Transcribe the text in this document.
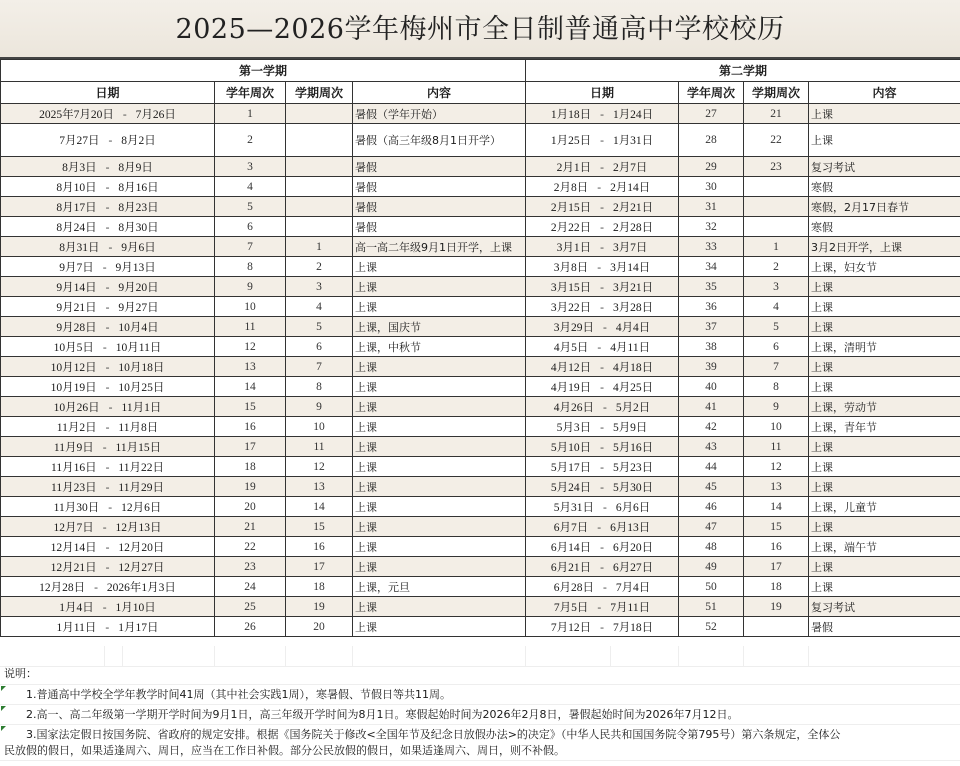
2025—2026学年梅州市全日制普通高中学校校历
第一学期				第二学期			
日期	学年周次	学期周次	内容	日期	学年周次	学期周次	内容
2025年7月20日 - 7月26日	1		暑假（学年开始）	1月18日 - 1月24日	27	21	上课
7月27日 - 8月2日	2		暑假（高三年级8月1日开学）	1月25日 - 1月31日	28	22	上课
8月3日 - 8月9日	3		暑假	2月1日 - 2月7日	29	23	复习考试
8月10日 - 8月16日	4		暑假	2月8日 - 2月14日	30		寒假
8月17日 - 8月23日	5		暑假	2月15日 - 2月21日	31		寒假，2月17日春节
8月24日 - 8月30日	6		暑假	2月22日 - 2月28日	32		寒假
8月31日 - 9月6日	7	1	高一高二年级9月1日开学，上课	3月1日 - 3月7日	33	1	3月2日开学，上课
9月7日 - 9月13日	8	2	上课	3月8日 - 3月14日	34	2	上课，妇女节
9月14日 - 9月20日	9	3	上课	3月15日 - 3月21日	35	3	上课
9月21日 - 9月27日	10	4	上课	3月22日 - 3月28日	36	4	上课
9月28日 - 10月4日	11	5	上课，国庆节	3月29日 - 4月4日	37	5	上课
10月5日 - 10月11日	12	6	上课，中秋节	4月5日 - 4月11日	38	6	上课，清明节
10月12日 - 10月18日	13	7	上课	4月12日 - 4月18日	39	7	上课
10月19日 - 10月25日	14	8	上课	4月19日 - 4月25日	40	8	上课
10月26日 - 11月1日	15	9	上课	4月26日 - 5月2日	41	9	上课，劳动节
11月2日 - 11月8日	16	10	上课	5月3日 - 5月9日	42	10	上课，青年节
11月9日 - 11月15日	17	11	上课	5月10日 - 5月16日	43	11	上课
11月16日 - 11月22日	18	12	上课	5月17日 - 5月23日	44	12	上课
11月23日 - 11月29日	19	13	上课	5月24日 - 5月30日	45	13	上课
11月30日 - 12月6日	20	14	上课	5月31日 - 6月6日	46	14	上课，儿童节
12月7日 - 12月13日	21	15	上课	6月7日 - 6月13日	47	15	上课
12月14日 - 12月20日	22	16	上课	6月14日 - 6月20日	48	16	上课，端午节
12月21日 - 12月27日	23	17	上课	6月21日 - 6月27日	49	17	上课
12月28日 - 2026年1月3日	24	18	上课，元旦	6月28日 - 7月4日	50	18	上课
1月4日 - 1月10日	25	19	上课	7月5日 - 7月11日	51	19	复习考试
1月11日 - 1月17日	26	20	上课	7月12日 - 7月18日	52		暑假
说明：
1.普通高中学校全学年教学时间41周（其中社会实践1周），寒暑假、节假日等共11周。
2.高一、高二年级第一学期开学时间为9月1日，高三年级开学时间为8月1日。寒假起始时间为2026年2月8日，暑假起始时间为2026年7月12日。
3.国家法定假日按国务院、省政府的规定安排。根据《国务院关于修改<全国年节及纪念日放假办法>的决定》（中华人民共和国国务院令第795号）第六条规定，全体公
民放假的假日，如果适逢周六、周日，应当在工作日补假。部分公民放假的假日，如果适逢周六、周日，则不补假。
